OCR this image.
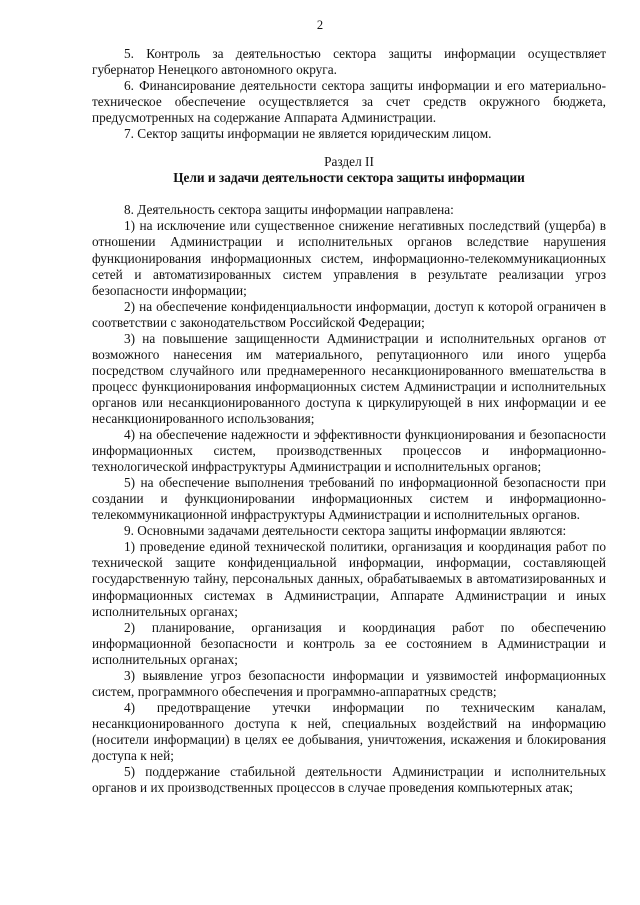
2

5. Контроль за деятельностью сектора защиты информации осуществляет губернатор Ненецкого автономного округа.

6. Финансирование деятельности сектора защиты информации и его материально-техническое обеспечение осуществляется за счет средств окружного бюджета, предусмотренных на содержание Аппарата Администрации.

7. Сектор защиты информации не является юридическим лицом.

Раздел II

Цели и задачи деятельности сектора защиты информации

8. Деятельность сектора защиты информации направлена:

1) на исключение или существенное снижение негативных последствий (ущерба) в отношении Администрации и исполнительных органов вследствие нарушения функционирования информационных систем, информационно-телекоммуникационных сетей и автоматизированных систем управления в результате реализации угроз безопасности информации;

2) на обеспечение конфиденциальности информации, доступ к которой ограничен в соответствии с законодательством Российской Федерации;

3) на повышение защищенности Администрации и исполнительных органов от возможного нанесения им материального, репутационного или иного ущерба посредством случайного или преднамеренного несанкционированного вмешательства в процесс функционирования информационных систем Администрации и исполнительных органов или несанкционированного доступа к циркулирующей в них информации и ее несанкционированного использования;

4) на обеспечение надежности и эффективности функционирования и безопасности информационных систем, производственных процессов и информационно-технологической инфраструктуры Администрации и исполнительных органов;

5) на обеспечение выполнения требований по информационной безопасности при создании и функционировании информационных систем и информационно-телекоммуникационной инфраструктуры Администрации и исполнительных органов.

9. Основными задачами деятельности сектора защиты информации являются:

1) проведение единой технической политики, организация и координация работ по технической защите конфиденциальной информации, информации, составляющей государственную тайну, персональных данных, обрабатываемых в автоматизированных и информационных системах в Администрации, Аппарате Администрации и иных исполнительных органах;

2) планирование, организация и координация работ по обеспечению информационной безопасности и контроль за ее состоянием в Администрации и исполнительных органах;

3) выявление угроз безопасности информации и уязвимостей информационных систем, программного обеспечения и программно-аппаратных средств;

4) предотвращение утечки информации по техническим каналам, несанкционированного доступа к ней, специальных воздействий на информацию (носители информации) в целях ее добывания, уничтожения, искажения и блокирования доступа к ней;

5) поддержание стабильной деятельности Администрации и исполнительных органов и их производственных процессов в случае проведения компьютерных атак;
